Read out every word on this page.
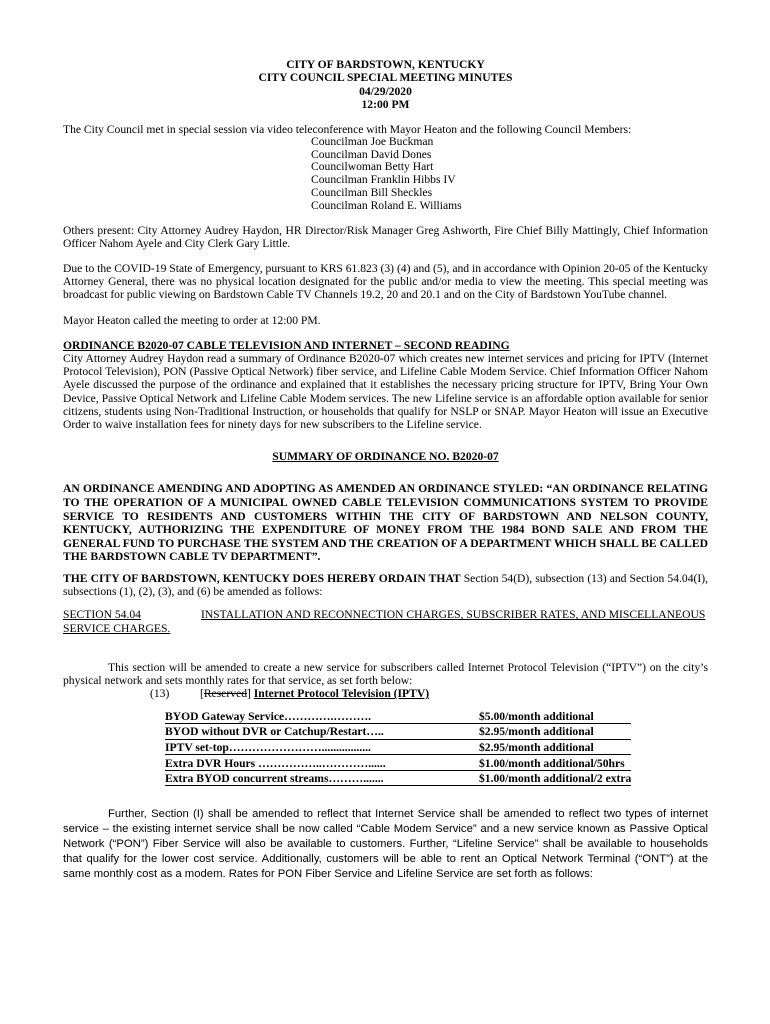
CITY OF BARDSTOWN, KENTUCKY
CITY COUNCIL SPECIAL MEETING MINUTES
04/29/2020
12:00 PM

The City Council met in special session via video teleconference with Mayor Heaton and the following Council Members:

Councilman Joe Buckman
Councilman David Dones
Councilwoman Betty Hart
Councilman Franklin Hibbs IV
Councilman Bill Sheckles
Councilman Roland E. Williams

Others present: City Attorney Audrey Haydon, HR Director/Risk Manager Greg Ashworth, Fire Chief Billy Mattingly, Chief Information Officer Nahom Ayele and City Clerk Gary Little.

Due to the COVID-19 State of Emergency, pursuant to KRS 61.823 (3) (4) and (5), and in accordance with Opinion 20-05 of the Kentucky Attorney General, there was no physical location designated for the public and/or media to view the meeting. This special meeting was broadcast for public viewing on Bardstown Cable TV Channels 19.2, 20 and 20.1 and on the City of Bardstown YouTube channel.

Mayor Heaton called the meeting to order at 12:00 PM.

ORDINANCE B2020-07 CABLE TELEVISION AND INTERNET – SECOND READING

City Attorney Audrey Haydon read a summary of Ordinance B2020-07 which creates new internet services and pricing for IPTV (Internet Protocol Television), PON (Passive Optical Network) fiber service, and Lifeline Cable Modem Service. Chief Information Officer Nahom Ayele discussed the purpose of the ordinance and explained that it establishes the necessary pricing structure for IPTV, Bring Your Own Device, Passive Optical Network and Lifeline Cable Modem services. The new Lifeline service is an affordable option available for senior citizens, students using Non-Traditional Instruction, or households that qualify for NSLP or SNAP. Mayor Heaton will issue an Executive Order to waive installation fees for ninety days for new subscribers to the Lifeline service.

SUMMARY OF ORDINANCE NO. B2020-07

AN ORDINANCE AMENDING AND ADOPTING AS AMENDED AN ORDINANCE STYLED: “AN ORDINANCE RELATING TO THE OPERATION OF A MUNICIPAL OWNED CABLE TELEVISION COMMUNICATIONS SYSTEM TO PROVIDE SERVICE TO RESIDENTS AND CUSTOMERS WITHIN THE CITY OF BARDSTOWN AND NELSON COUNTY, KENTUCKY, AUTHORIZING THE EXPENDITURE OF MONEY FROM THE 1984 BOND SALE AND FROM THE GENERAL FUND TO PURCHASE THE SYSTEM AND THE CREATION OF A DEPARTMENT WHICH SHALL BE CALLED THE BARDSTOWN CABLE TV DEPARTMENT”.

THE CITY OF BARDSTOWN, KENTUCKY DOES HEREBY ORDAIN THAT Section 54(D), subsection (13) and Section 54.04(I), subsections (1), (2), (3), and (6) be amended as follows:

SECTION 54.04	INSTALLATION AND RECONNECTION CHARGES, SUBSCRIBER RATES, AND MISCELLANEOUS SERVICE CHARGES.

This section will be amended to create a new service for subscribers called Internet Protocol Television (“IPTV”) on the city’s physical network and sets monthly rates for that service, as set forth below:

(13)	[Reserved] Internet Protocol Television (IPTV)
BYOD Gateway Service………….……….	$5.00/month additional
BYOD without DVR or Catchup/Restart…..	$2.95/month additional
IPTV set-top…………………….................	$2.95/month additional
Extra DVR Hours ……………..…………......	$1.00/month additional/50hrs
Extra BYOD concurrent streams……….......	$1.00/month additional/2 extra

Further, Section (I) shall be amended to reflect that Internet Service shall be amended to reflect two types of internet service – the existing internet service shall be now called “Cable Modem Service” and a new service known as Passive Optical Network (“PON”) Fiber Service will also be available to customers. Further, “Lifeline Service” shall be available to households that qualify for the lower cost service. Additionally, customers will be able to rent an Optical Network Terminal (“ONT”) at the same monthly cost as a modem. Rates for PON Fiber Service and Lifeline Service are set forth as follows:
